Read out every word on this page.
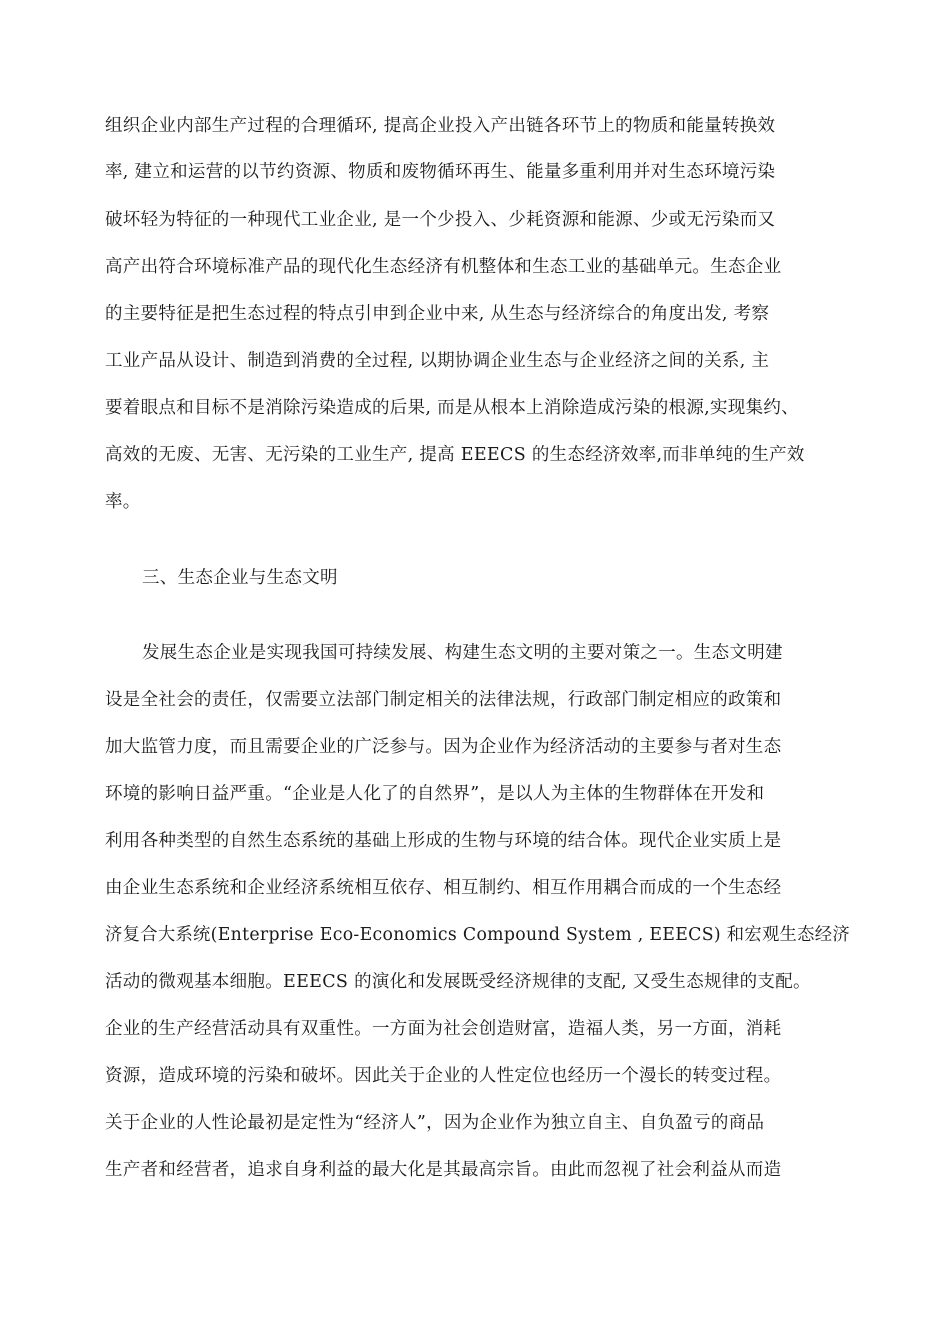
组织企业内部生产过程的合理循环, 提高企业投入产出链各环节上的物质和能量转换效
率, 建立和运营的以节约资源、物质和废物循环再生、能量多重利用并对生态环境污染
破坏轻为特征的一种现代工业企业, 是一个少投入、少耗资源和能源、少或无污染而又
高产出符合环境标准产品的现代化生态经济有机整体和生态工业的基础单元。生态企业
的主要特征是把生态过程的特点引申到企业中来, 从生态与经济综合的角度出发, 考察
工业产品从设计、制造到消费的全过程, 以期协调企业生态与企业经济之间的关系, 主
要着眼点和目标不是消除污染造成的后果, 而是从根本上消除造成污染的根源,实现集约、
高效的无废、无害、无污染的工业生产, 提高 EEECS 的生态经济效率,而非单纯的生产效
率。
三、生态企业与生态文明
发展生态企业是实现我国可持续发展、构建生态文明的主要对策之一。生态文明建
设是全社会的责任，仅需要立法部门制定相关的法律法规，行政部门制定相应的政策和
加大监管力度，而且需要企业的广泛参与。因为企业作为经济活动的主要参与者对生态
环境的影响日益严重。“企业是人化了的自然界”，是以人为主体的生物群体在开发和
利用各种类型的自然生态系统的基础上形成的生物与环境的结合体。现代企业实质上是
由企业生态系统和企业经济系统相互依存、相互制约、相互作用耦合而成的一个生态经
济复合大系统(Enterprise Eco-Economics Compound System , EEECS) 和宏观生态经济
活动的微观基本细胞。EEECS 的演化和发展既受经济规律的支配, 又受生态规律的支配。
企业的生产经营活动具有双重性。一方面为社会创造财富，造福人类，另一方面，消耗
资源，造成环境的污染和破坏。因此关于企业的人性定位也经历一个漫长的转变过程。
关于企业的人性论最初是定性为“经济人”，因为企业作为独立自主、自负盈亏的商品
生产者和经营者，追求自身利益的最大化是其最高宗旨。由此而忽视了社会利益从而造
